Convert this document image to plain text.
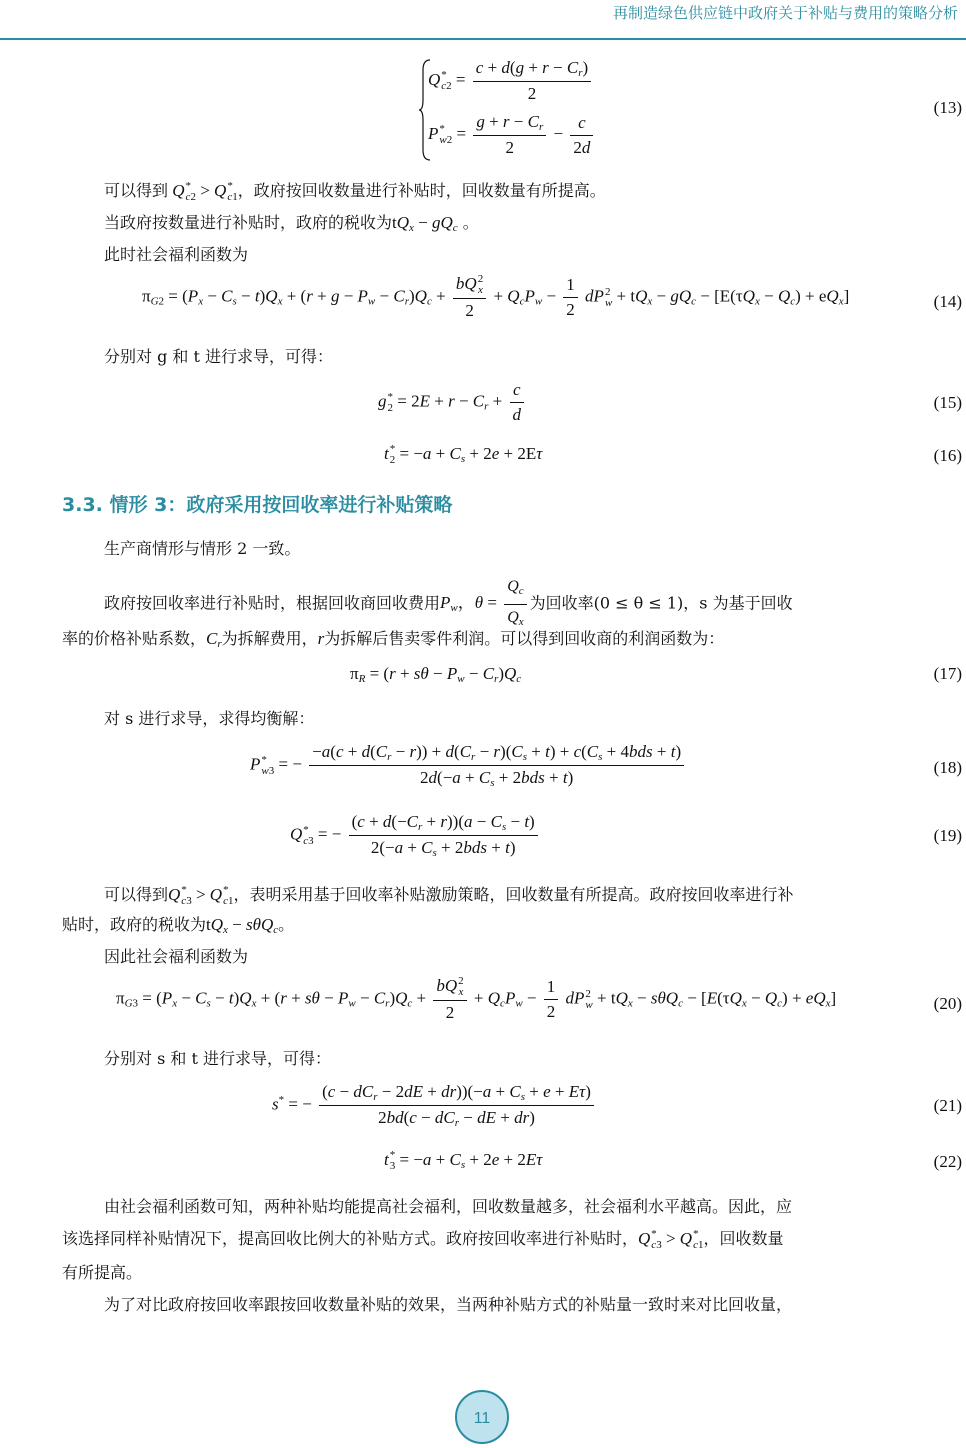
再制造绿色供应链中政府关于补贴与费用的策略分析
Q *
$c2 = \frac{c + d(g + r - C_r)}{2}$
P *
$w2 = \frac{g + r - C_r}{2} - \frac{c}{2d}$
(13)
可以得到 Q *
c2 > Q *
c1 ，政府按回收数量进行补贴时，回收数量有所提高。
当政府按数量进行补贴时，政府的税收为$tQ_x - gQ_c$ 。
此时社会福利函数为
$\pi_{G2} = (P_x - C_s - t)Q_x + (r + g - P_w - C_r)Q_c$ + bQ 2
x
$2 + Q_cP_w - \frac{1}{2}$ dP 2
$w + tQ_x - gQ_c - [E(\tau Q_x - Q_c) + eQ_x]$	(14)
分别对 g 和 t 进行求导，可得：
g *
$2 = 2E + r - C_r + \frac{c}{d}$	(15)
t *
$2 = -a + C_s + 2e + 2E\tau$	(16)
3.3. 情形 3：政府采用按回收率进行补贴策略
生产商情形与情形 2 一致。
政府按回收率进行补贴时，根据回收商回收费用$P_w$，$\theta = \frac{Q_c}{Q_x}$ 为回收率(0 ≤ θ ≤ 1)，s 为基于回收
率的价格补贴系数，$C_r$为拆解费用，r为拆解后售卖零件利润。可以得到回收商的利润函数为：
$\pi_R = (r + s\theta - P_w - C_r)Q_c$	(17)
对 s 进行求导，求得均衡解：
P *
w3 = − $\frac{-a(c + d(C_r - r)) + d(C_r - r)(C_s + t) + c(C_s + 4bds + t)}{2d(-a + C_s + 2bds + t)}$	(18)
Q *
c3 = − $\frac{(c + d(-C_r + r))(a - C_s - t)}{2(-a + C_s + 2bds + t)}$	(19)
可以得到Q *
c3 > Q *
c1 ，表明采用基于回收率补贴激励策略，回收数量有所提高。政府按回收率进行补
贴时，政府的税收为$tQ_x - s\theta Q_c$。
因此社会福利函数为
$\pi_{G3} = (P_x - C_s - t)Q_x + (r + s\theta - P_w - C_r)Q_c$ + bQ 2
x
$2 + Q_cP_w - \frac{1}{2}$ dP 2
$w + tQ_x - s\theta Q_c - [E(\tau Q_x - Q_c) + eQ_x]$	(20)
分别对 s 和 t 进行求导，可得：
s* = − $\frac{(c - dC_r - 2dE + dr))(-a + C_s + e + E\tau)}{2bd(c - dC_r - dE + dr)}$	(21)
t *
$3 = -a + C_s + 2e + 2E\tau$	(22)
由社会福利函数可知，两种补贴均能提高社会福利，回收数量越多，社会福利水平越高。因此，应
该选择同样补贴情况下，提高回收比例大的补贴方式。政府按回收率进行补贴时，Q *
c3 > Q *
c1 ，回收数量
有所提高。
为了对比政府按回收率跟按回收数量补贴的效果，当两种补贴方式的补贴量一致时来对比回收量，
11
